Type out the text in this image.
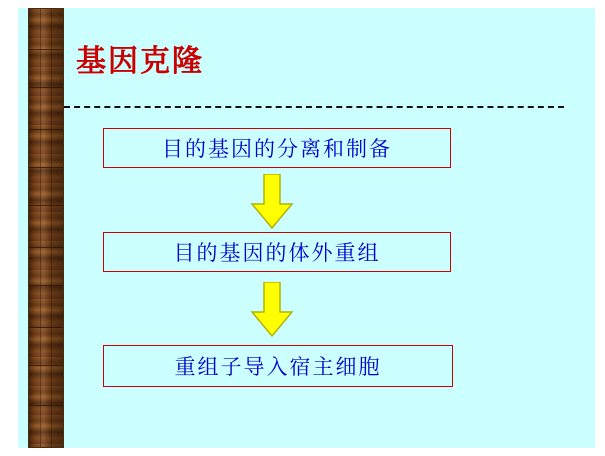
基因克隆
目的基因的分离和制备
目的基因的体外重组
重组子导入宿主细胞
